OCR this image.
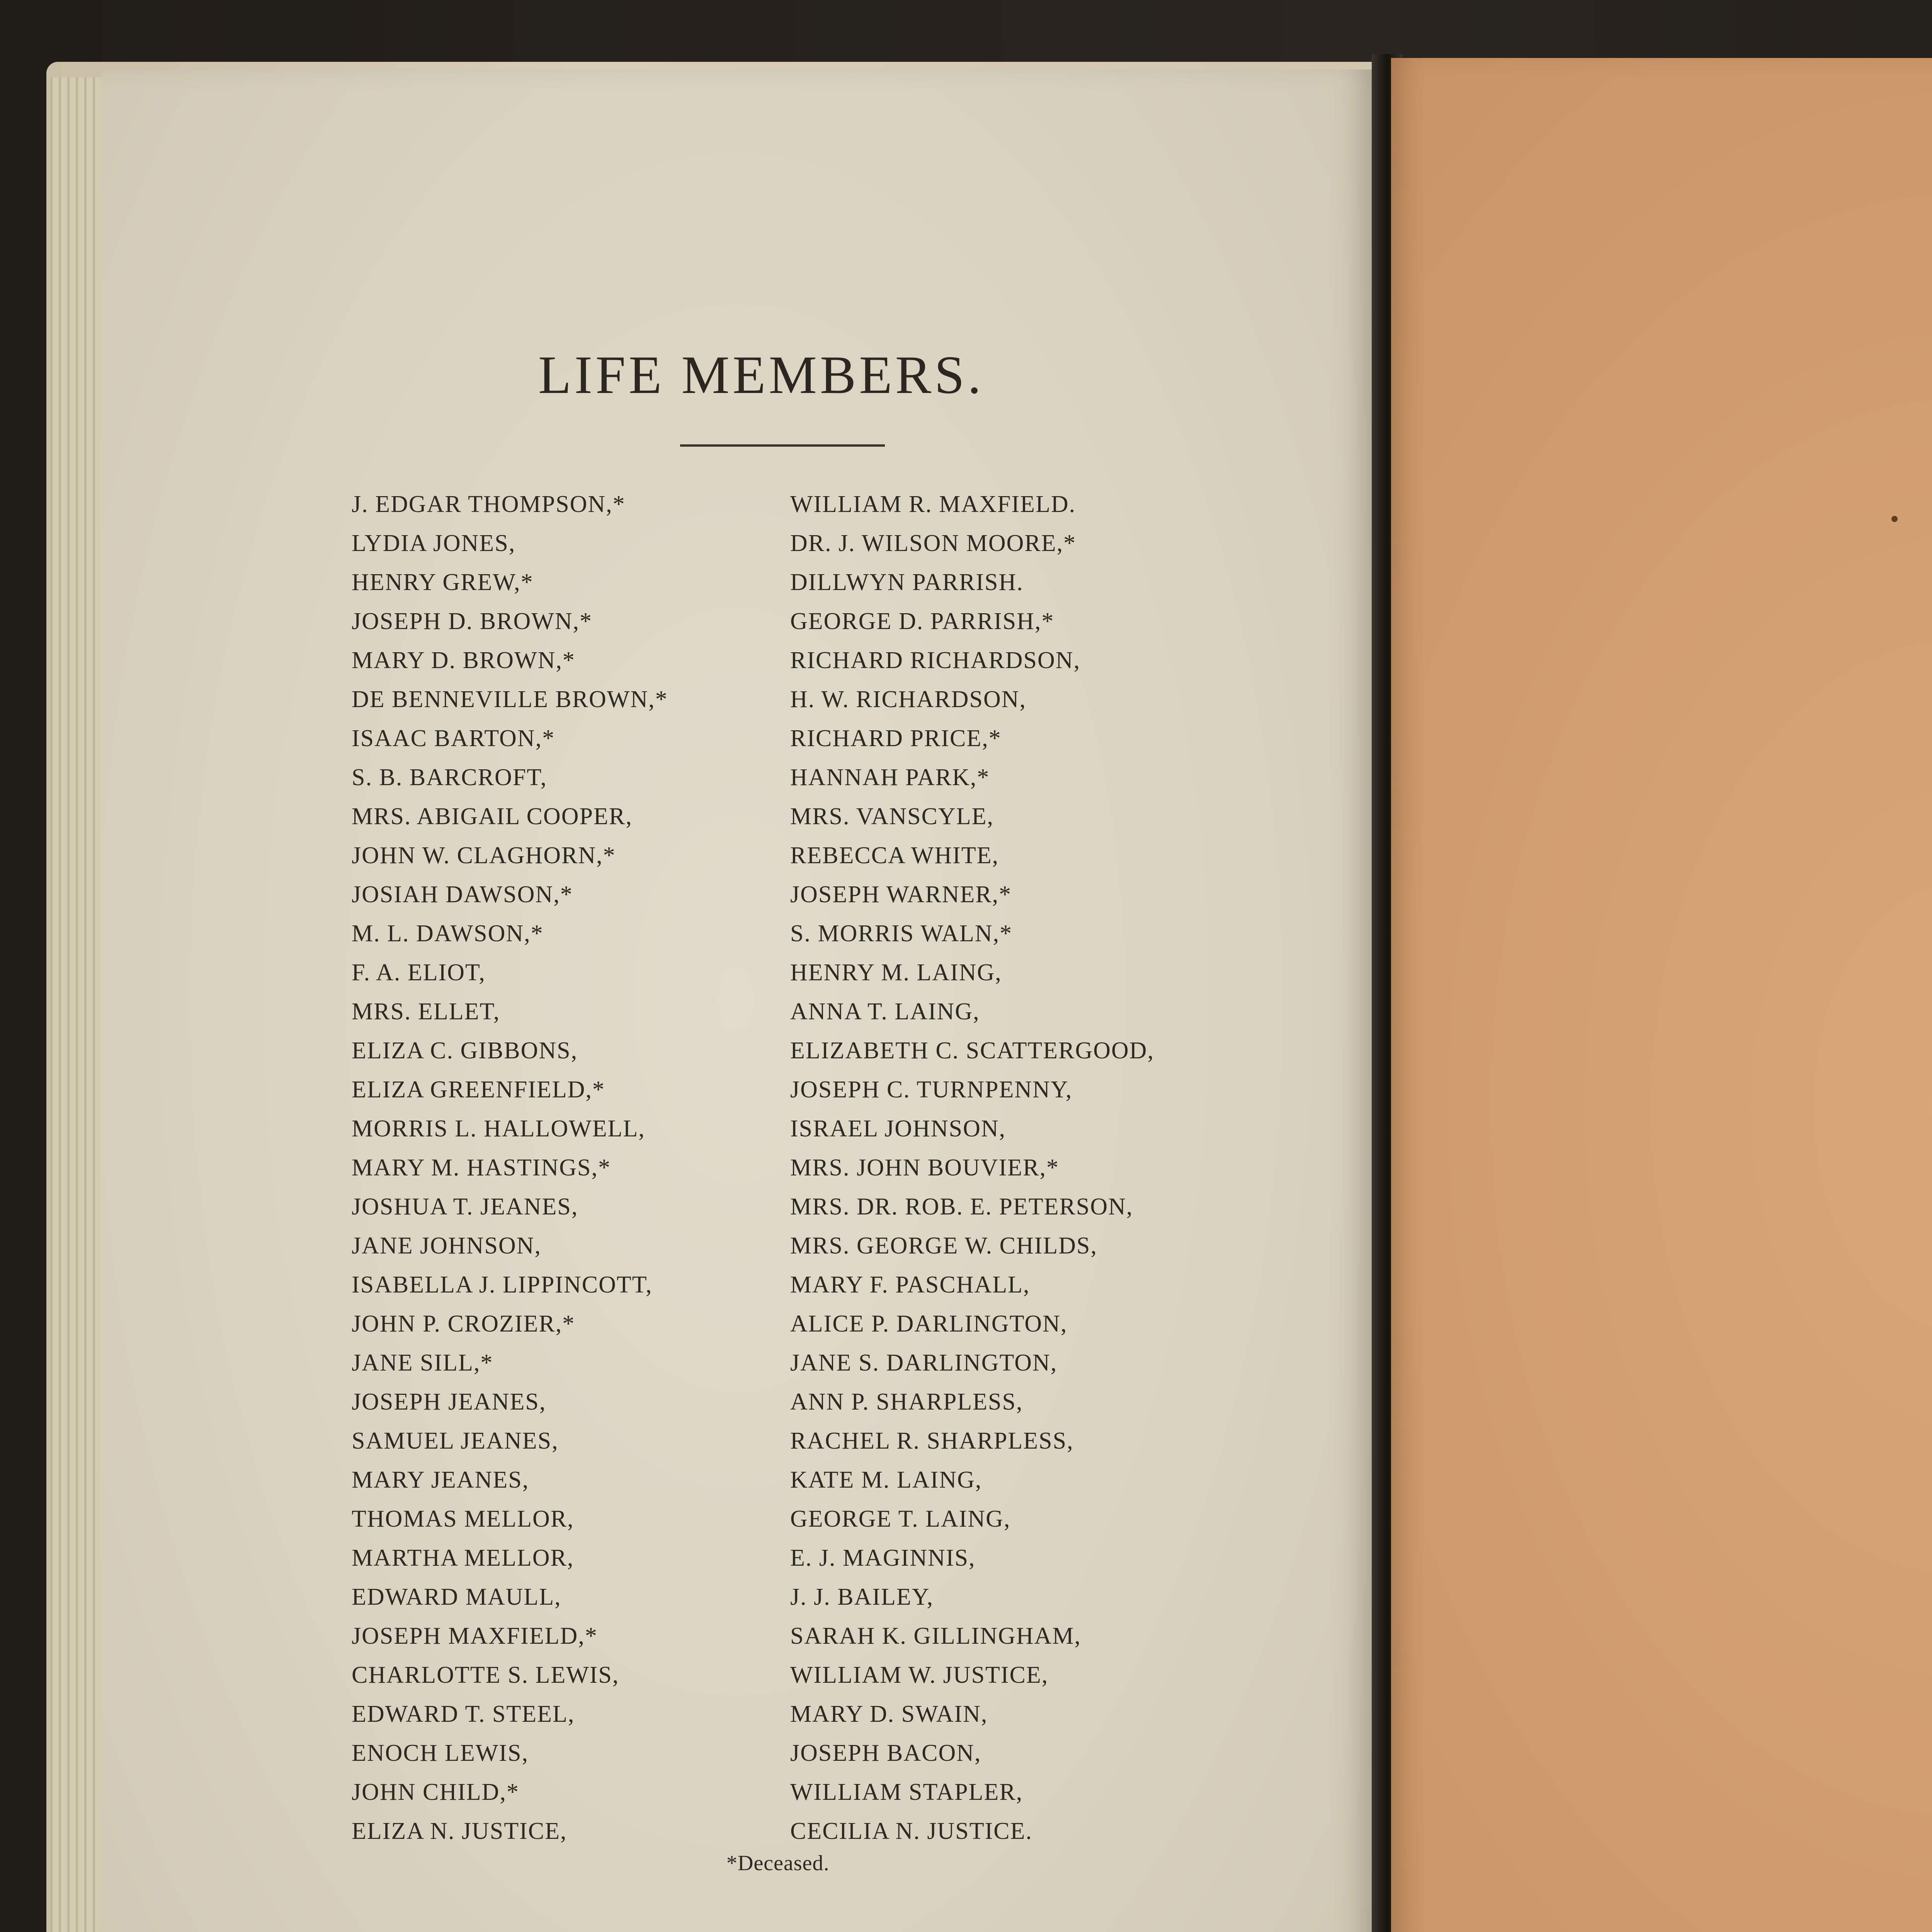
LIFE MEMBERS.
J. EDGAR THOMPSON,*
LYDIA JONES,
HENRY GREW,*
JOSEPH D. BROWN,*
MARY D. BROWN,*
DE BENNEVILLE BROWN,*
ISAAC BARTON,*
S. B. BARCROFT,
MRS. ABIGAIL COOPER,
JOHN W. CLAGHORN,*
JOSIAH DAWSON,*
M. L. DAWSON,*
F. A. ELIOT,
MRS. ELLET,
ELIZA C. GIBBONS,
ELIZA GREENFIELD,*
MORRIS L. HALLOWELL,
MARY M. HASTINGS,*
JOSHUA T. JEANES,
JANE JOHNSON,
ISABELLA J. LIPPINCOTT,
JOHN P. CROZIER,*
JANE SILL,*
JOSEPH JEANES,
SAMUEL JEANES,
MARY JEANES,
THOMAS MELLOR,
MARTHA MELLOR,
EDWARD MAULL,
JOSEPH MAXFIELD,*
CHARLOTTE S. LEWIS,
EDWARD T. STEEL,
ENOCH LEWIS,
JOHN CHILD,*
ELIZA N. JUSTICE,
WILLIAM R. MAXFIELD.
DR. J. WILSON MOORE,*
DILLWYN PARRISH.
GEORGE D. PARRISH,*
RICHARD RICHARDSON,
H. W. RICHARDSON,
RICHARD PRICE,*
HANNAH PARK,*
MRS. VANSCYLE,
REBECCA WHITE,
JOSEPH WARNER,*
S. MORRIS WALN,*
HENRY M. LAING,
ANNA T. LAING,
ELIZABETH C. SCATTERGOOD,
JOSEPH C. TURNPENNY,
ISRAEL JOHNSON,
MRS. JOHN BOUVIER,*
MRS. DR. ROB. E. PETERSON,
MRS. GEORGE W. CHILDS,
MARY F. PASCHALL,
ALICE P. DARLINGTON,
JANE S. DARLINGTON,
ANN P. SHARPLESS,
RACHEL R. SHARPLESS,
KATE M. LAING,
GEORGE T. LAING,
E. J. MAGINNIS,
J. J. BAILEY,
SARAH K. GILLINGHAM,
WILLIAM W. JUSTICE,
MARY D. SWAIN,
JOSEPH BACON,
WILLIAM STAPLER,
CECILIA N. JUSTICE.
*Deceased.
